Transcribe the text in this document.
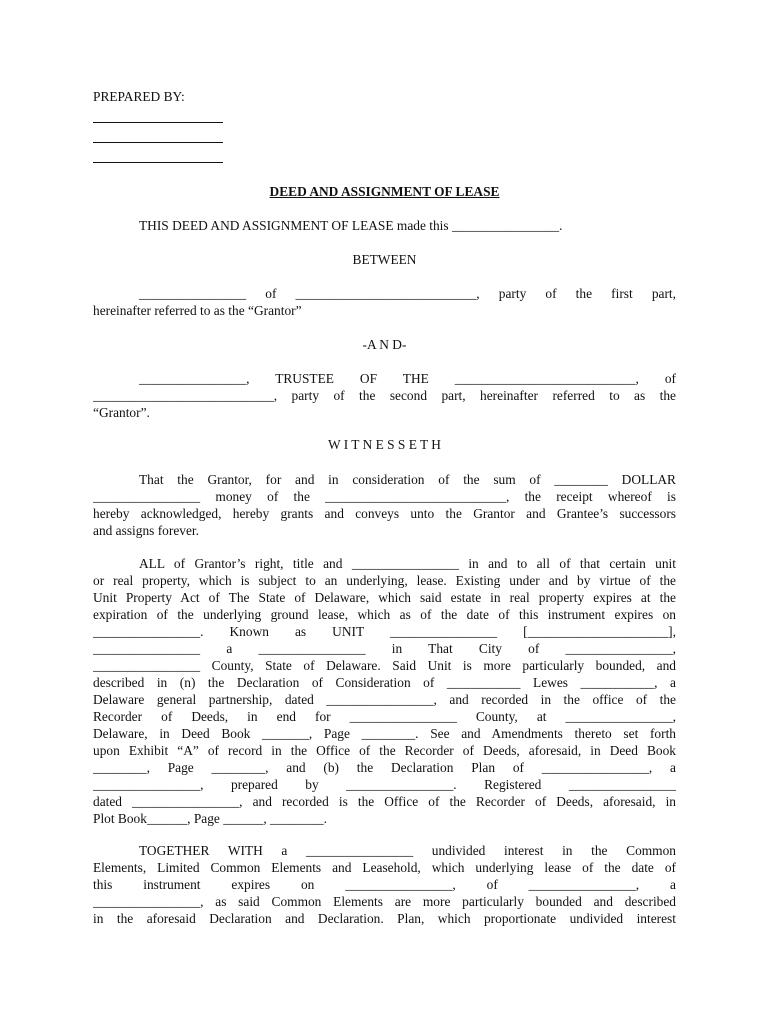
PREPARED BY:
DEED AND ASSIGNMENT OF LEASE
THIS DEED AND ASSIGNMENT OF LEASE made this ________________.
BETWEEN
________________ of ___________________________, party of the first part,
hereinafter referred to as the “Grantor”
-A N D-
________________, TRUSTEE OF THE ___________________________, of
___________________________, party of the second part, hereinafter referred to as the
“Grantor”.
W I T N E S S E T H
That the Grantor, for and in consideration of the sum of ________ DOLLAR
________________ money of the ___________________________, the receipt whereof is
hereby acknowledged, hereby grants and conveys unto the Grantor and Grantee’s successors
and assigns forever.
ALL of Grantor’s right, title and ________________ in and to all of that certain unit
or real property, which is subject to an underlying, lease. Existing under and by virtue of the
Unit Property Act of The State of Delaware, which said estate in real property expires at the
expiration of the underlying ground lease, which as of the date of this instrument expires on
________________. Known as UNIT ________________ [_____________________],
________________ a ________________ in That City of ________________,
________________ County, State of Delaware. Said Unit is more particularly bounded, and
described in (n) the Declaration of Consideration of ___________ Lewes ___________, a
Delaware general partnership, dated ________________, and recorded in the office of the
Recorder of Deeds, in end for ________________ County, at ________________,
Delaware, in Deed Book _______, Page ________. See and Amendments thereto set forth
upon Exhibit “A” of record in the Office of the Recorder of Deeds, aforesaid, in Deed Book
________, Page ________, and (b) the Declaration Plan of ________________, a
________________, prepared by ________________. Registered ________________
dated ________________, and recorded is the Office of the Recorder of Deeds, aforesaid, in
Plot Book______, Page ______, ________.
TOGETHER WITH a ________________ undivided interest in the Common
Elements, Limited Common Elements and Leasehold, which underlying lease of the date of
this instrument expires on ________________, of ________________, a
________________, as said Common Elements are more particularly bounded and described
in the aforesaid Declaration and Declaration. Plan, which proportionate undivided interest
